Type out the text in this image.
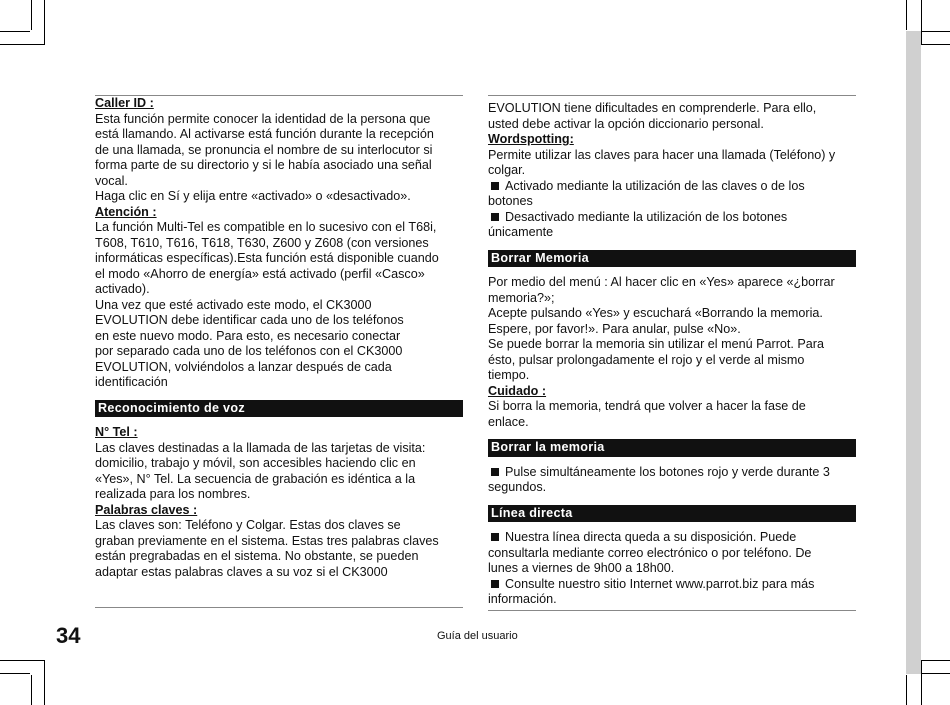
Caller ID :

Esta función permite conocer la identidad de la persona que

está llamando. Al activarse está función durante la recepción

de una llamada, se pronuncia el nombre de su interlocutor si

forma parte de su directorio y si le había asociado una señal

vocal.

Haga clic en Sí y elija entre «activado» o «desactivado».

Atención :

La función Multi-Tel es compatible en lo sucesivo con el T68i,

T608, T610, T616, T618, T630, Z600 y Z608 (con versiones

informáticas específicas).Esta función está disponible cuando

el modo «Ahorro de energía» está activado (perfil «Casco»

activado).

Una vez que esté activado este modo, el CK3000

EVOLUTION debe identificar cada uno de los teléfonos

en este nuevo modo. Para esto, es necesario conectar

por separado cada uno de los teléfonos con el CK3000

EVOLUTION, volviéndolos a lanzar después de cada

identificación

Reconocimiento de voz

N° Tel :

Las claves destinadas a la llamada de las tarjetas de visita:

domicilio, trabajo y móvil, son accesibles haciendo clic en

«Yes», N° Tel. La secuencia de grabación es idéntica a la

realizada para los nombres.

Palabras claves :

Las claves son: Teléfono y Colgar. Estas dos claves se

graban previamente en el sistema. Estas tres palabras claves

están pregrabadas en el sistema. No obstante, se pueden

adaptar estas palabras claves a su voz si el CK3000

EVOLUTION tiene dificultades en comprenderle. Para ello,

usted debe activar la opción diccionario personal.

Wordspotting:

Permite utilizar las claves para hacer una llamada (Teléfono) y

colgar.

Activado mediante la utilización de las claves o de los

botones

Desactivado mediante la utilización de los botones

únicamente

Borrar Memoria

Por medio del menú : Al hacer clic en «Yes» aparece «¿borrar

memoria?»;

Acepte pulsando «Yes» y escuchará «Borrando la memoria.

Espere, por favor!». Para anular, pulse «No».

Se puede borrar la memoria sin utilizar el menú Parrot. Para

ésto, pulsar prolongadamente el rojo y el verde al mismo

tiempo.

Cuidado :

Si borra la memoria, tendrá que volver a hacer la fase de

enlace.

Borrar la memoria

Pulse simultáneamente los botones rojo y verde durante 3

segundos.

Línea directa

Nuestra línea directa queda a su disposición. Puede

consultarla mediante correo electrónico o por teléfono. De

lunes a viernes de 9h00 a 18h00.

Consulte nuestro sitio Internet www.parrot.biz para más

información.

34	Guía del usuario
